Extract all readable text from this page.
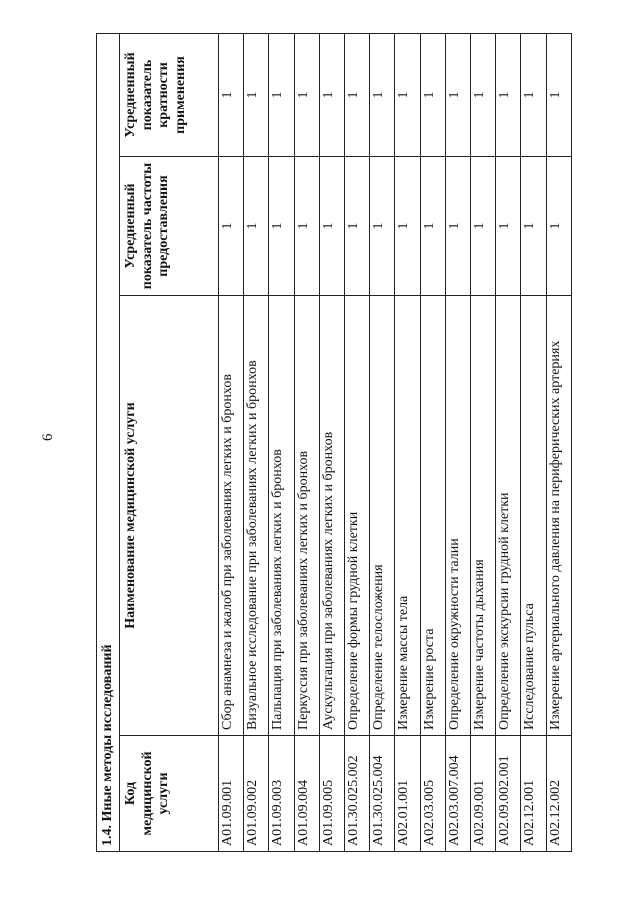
6
1.4. Иные методы исследований			
Код медицинской услуги	Наименование медицинской услуги	Усредненный показатель частоты предоставления	Усредненный показатель кратности применения
A01.09.001	Сбор анамнеза и жалоб при заболеваниях легких и бронхов	1	1
A01.09.002	Визуальное исследование при заболеваниях легких и бронхов	1	1
A01.09.003	Пальпация при заболеваниях легких и бронхов	1	1
A01.09.004	Перкуссия при заболеваниях легких и бронхов	1	1
A01.09.005	Аускультация при заболеваниях легких и бронхов	1	1
A01.30.025.002	Определение формы грудной клетки	1	1
A01.30.025.004	Определение телосложения	1	1
A02.01.001	Измерение массы тела	1	1
A02.03.005	Измерение роста	1	1
A02.03.007.004	Определение окружности талии	1	1
A02.09.001	Измерение частоты дыхания	1	1
A02.09.002.001	Определение экскурсии грудной клетки	1	1
A02.12.001	Исследование пульса	1	1
A02.12.002	Измерение артериального давления на периферических артериях	1	1
